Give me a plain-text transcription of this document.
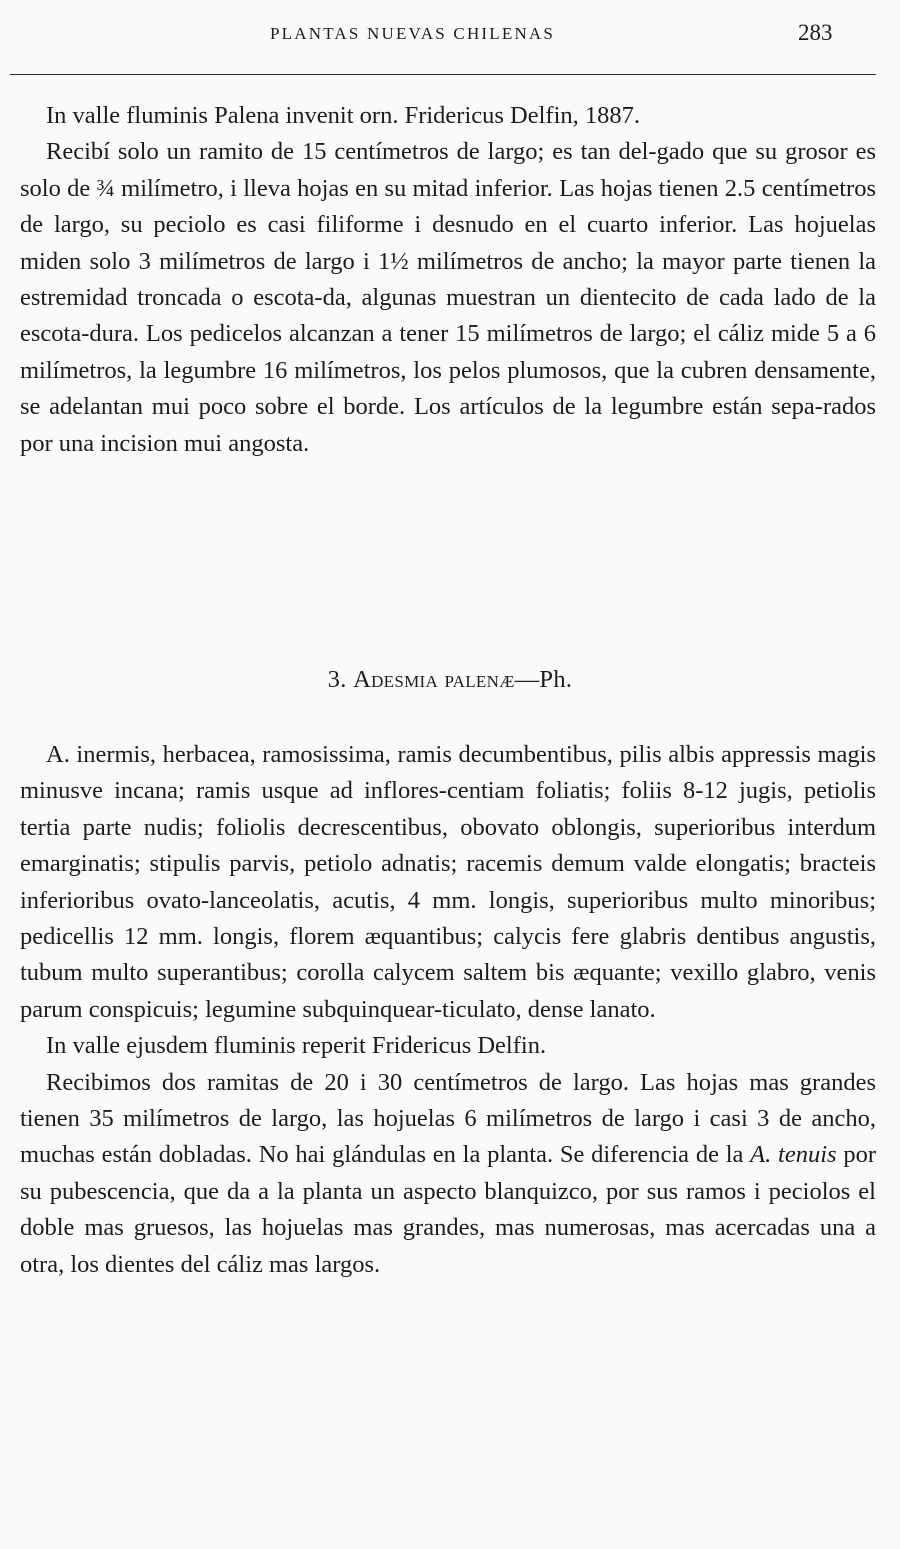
PLANTAS NUEVAS CHILENAS	283

In valle fluminis Palena invenit orn. Fridericus Delfin, 1887.

Recibí solo un ramito de 15 centímetros de largo; es tan del-gado que su grosor es solo de ¾ milímetro, i lleva hojas en su mitad inferior. Las hojas tienen 2.5 centímetros de largo, su peciolo es casi filiforme i desnudo en el cuarto inferior. Las hojuelas miden solo 3 milímetros de largo i 1½ milímetros de ancho; la mayor parte tienen la estremidad troncada o escota-da, algunas muestran un dientecito de cada lado de la escota-dura. Los pedicelos alcanzan a tener 15 milímetros de largo; el cáliz mide 5 a 6 milímetros, la legumbre 16 milímetros, los pelos plumosos, que la cubren densamente, se adelantan mui poco sobre el borde. Los artículos de la legumbre están sepa-rados por una incision mui angosta.

3. Adesmia palenæ—Ph.

A. inermis, herbacea, ramosissima, ramis decumbentibus, pilis albis appressis magis minusve incana; ramis usque ad inflores-centiam foliatis; foliis 8-12 jugis, petiolis tertia parte nudis; foliolis decrescentibus, obovato oblongis, superioribus interdum emarginatis; stipulis parvis, petiolo adnatis; racemis demum valde elongatis; bracteis inferioribus ovato-lanceolatis, acutis, 4 mm. longis, superioribus multo minoribus; pedicellis 12 mm. longis, florem æquantibus; calycis fere glabris dentibus angustis, tubum multo superantibus; corolla calycem saltem bis æquante; vexillo glabro, venis parum conspicuis; legumine subquinquear-ticulato, dense lanato.

In valle ejusdem fluminis reperit Fridericus Delfin.

Recibimos dos ramitas de 20 i 30 centímetros de largo. Las hojas mas grandes tienen 35 milímetros de largo, las hojuelas 6 milímetros de largo i casi 3 de ancho, muchas están dobladas. No hai glándulas en la planta. Se diferencia de la A. tenuis por su pubescencia, que da a la planta un aspecto blanquizco, por sus ramos i peciolos el doble mas gruesos, las hojuelas mas grandes, mas numerosas, mas acercadas una a otra, los dientes del cáliz mas largos.
